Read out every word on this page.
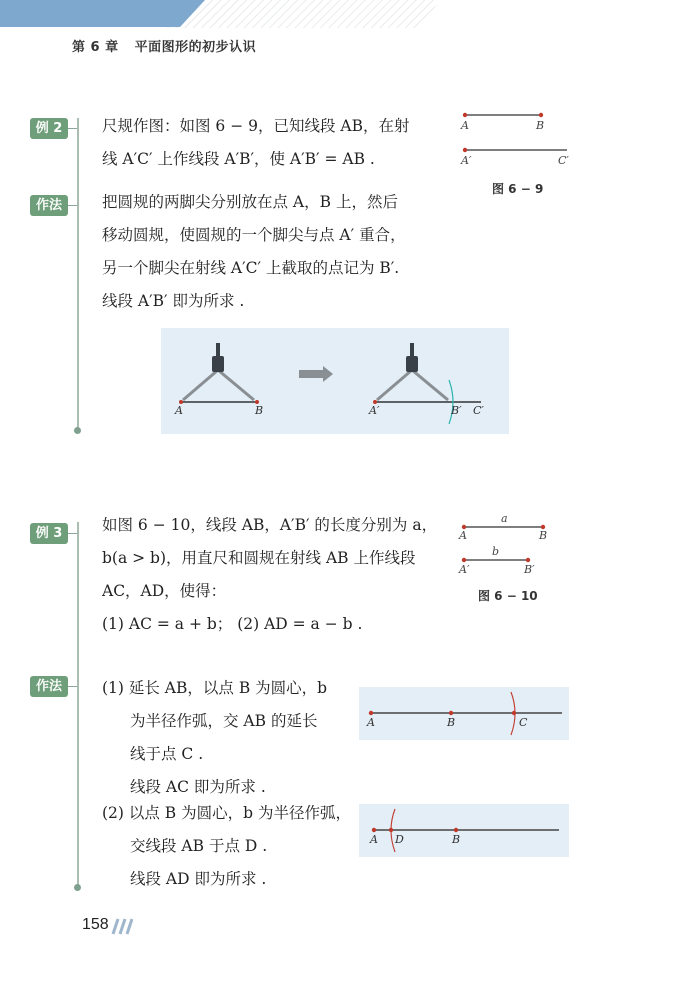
第 6 章 平面图形的初步认识
例 2	尺规作图：如图 6 − 9，已知线段 AB，在射
线 A′C′ 上作线段 A′B′，使 A′B′ = AB .
作法	把圆规的两脚尖分别放在点 A，B 上，然后
移动圆规，使圆规的一个脚尖与点 A′ 重合，
另一个脚尖在射线 A′C′ 上截取的点记为 B′.
线段 A′B′ 即为所求 .
A	B
A′	C′
图 6 − 9
A	B	A′	B′ C′
例 3	如图 6 − 10，线段 AB，A′B′ 的长度分别为 a，
b(a > b)，用直尺和圆规在射线 AB 上作线段
AC，AD，使得：
(1) AC = a + b； (2) AD = a − b .
a
A	B
b
A′	B′
图 6 − 10
作法	(1) 延长 AB，以点 B 为圆心，b
为半径作弧，交 AB 的延长
线于点 C .
线段 AC 即为所求 .
(2) 以点 B 为圆心，b 为半径作弧，
交线段 AB 于点 D .
线段 AD 即为所求 .
A	B	C
A D	B
158
